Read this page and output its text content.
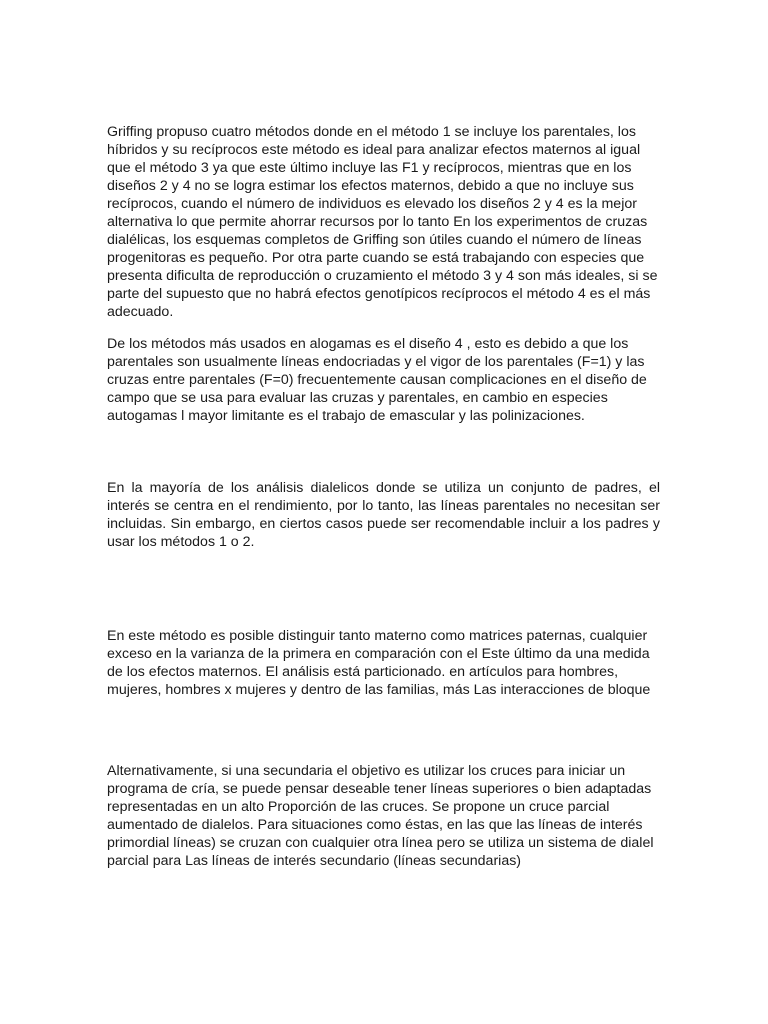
Griffing propuso cuatro métodos donde en el método 1 se incluye los parentales, los híbridos y su recíprocos este método es ideal para analizar efectos maternos al igual que el método 3 ya que este último incluye las F1 y recíprocos, mientras que en los diseños 2 y 4 no se logra estimar los efectos maternos, debido a que no incluye sus recíprocos, cuando el número de individuos es elevado los diseños 2 y 4 es la mejor alternativa lo que permite ahorrar recursos por lo tanto En los experimentos de cruzas dialélicas, los esquemas completos de Griffing son útiles cuando el número de líneas progenitoras es pequeño. Por otra parte cuando se está trabajando con especies que presenta dificulta de reproducción o cruzamiento el método 3 y 4 son más ideales, si se parte del supuesto que no habrá efectos genotípicos recíprocos el método 4 es el más adecuado.

De los métodos más usados en alogamas es el diseño 4 , esto es debido a que los parentales son usualmente líneas endocriadas y el vigor de los parentales (F=1) y las cruzas entre parentales (F=0) frecuentemente causan complicaciones en el diseño de campo que se usa para evaluar las cruzas y parentales, en cambio en especies autogamas l mayor limitante es el trabajo de emascular y las polinizaciones.

En la mayoría de los análisis dialelicos donde se utiliza un conjunto de padres, el interés se centra en el rendimiento, por lo tanto, las líneas parentales no necesitan ser incluidas. Sin embargo, en ciertos casos puede ser recomendable incluir a los padres y usar los métodos 1 o 2.

En este método es posible distinguir tanto materno como matrices paternas, cualquier exceso en la varianza de la primera en comparación con el Este último da una medida de los efectos maternos. El análisis está particionado. en artículos para hombres, mujeres, hombres x mujeres y dentro de las familias, más Las interacciones de bloque

Alternativamente, si una secundaria el objetivo es utilizar los cruces para iniciar un programa de cría, se puede pensar deseable tener líneas superiores o bien adaptadas representadas en un alto Proporción de las cruces. Se propone un cruce parcial aumentado de dialelos. Para situaciones como éstas, en las que las líneas de interés primordial líneas) se cruzan con cualquier otra línea pero se utiliza un sistema de dialel parcial para Las líneas de interés secundario (líneas secundarias)
